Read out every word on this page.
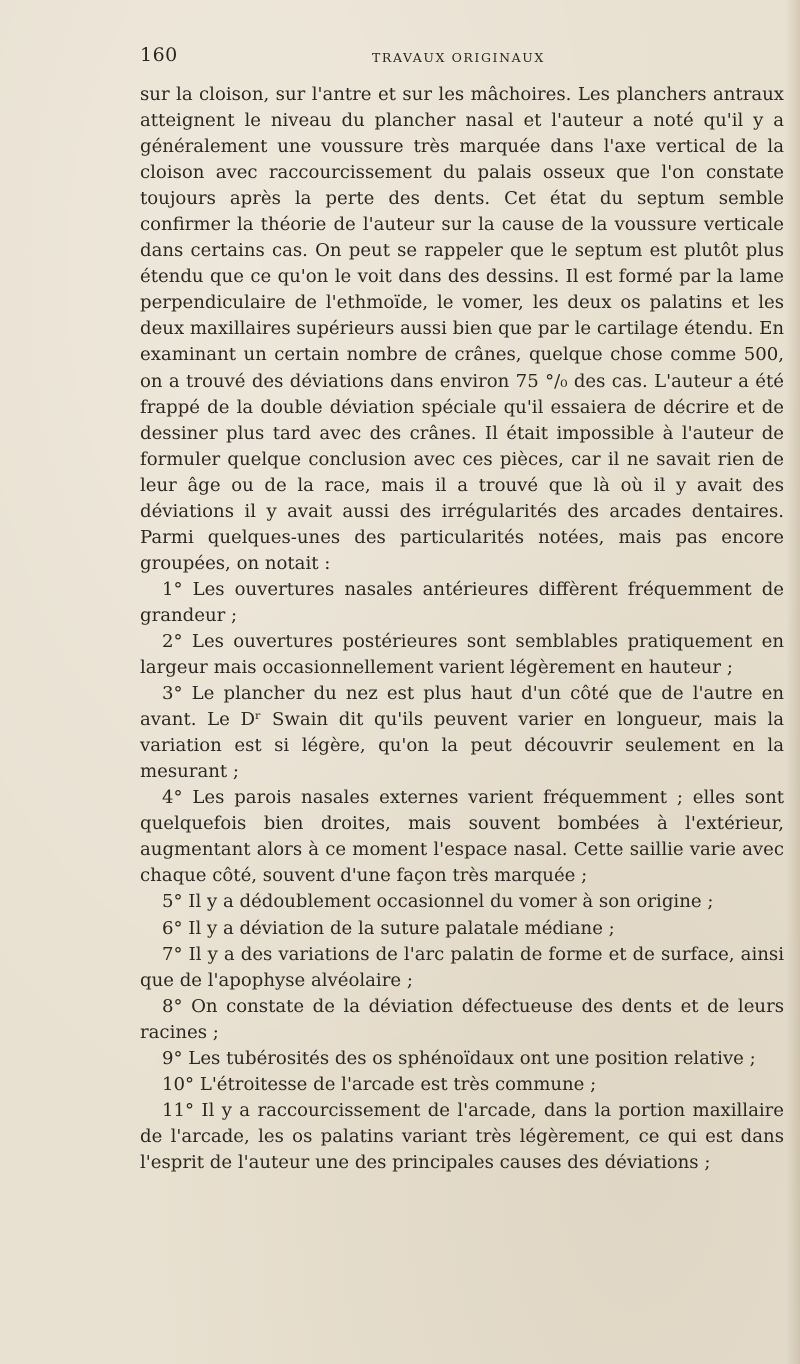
160	TRAVAUX ORIGINAUX

sur la cloison, sur l'antre et sur les mâchoires. Les planchers antraux atteignent le niveau du plancher nasal et l'auteur a noté qu'il y a généralement une voussure très marquée dans l'axe vertical de la cloison avec raccourcissement du palais osseux que l'on constate toujours après la perte des dents. Cet état du septum semble confirmer la théorie de l'auteur sur la cause de la voussure verticale dans certains cas. On peut se rappeler que le septum est plutôt plus étendu que ce qu'on le voit dans des dessins. Il est formé par la lame perpendiculaire de l'ethmoïde, le vomer, les deux os palatins et les deux maxillaires supérieurs aussi bien que par le cartilage étendu. En examinant un certain nombre de crânes, quelque chose comme 500, on a trouvé des déviations dans environ 75 °/₀ des cas. L'auteur a été frappé de la double déviation spéciale qu'il essaiera de décrire et de dessiner plus tard avec des crânes. Il était impossible à l'auteur de formuler quelque conclusion avec ces pièces, car il ne savait rien de leur âge ou de la race, mais il a trouvé que là où il y avait des déviations il y avait aussi des irrégularités des arcades dentaires. Parmi quelques-unes des particularités notées, mais pas encore groupées, on notait :

1° Les ouvertures nasales antérieures diffèrent fréquemment de grandeur ;

2° Les ouvertures postérieures sont semblables pratiquement en largeur mais occasionnellement varient légèrement en hauteur ;

3° Le plancher du nez est plus haut d'un côté que de l'autre en avant. Le Dʳ Swain dit qu'ils peuvent varier en longueur, mais la variation est si légère, qu'on la peut découvrir seulement en la mesurant ;

4° Les parois nasales externes varient fréquemment ; elles sont quelquefois bien droites, mais souvent bombées à l'extérieur, augmentant alors à ce moment l'espace nasal. Cette saillie varie avec chaque côté, souvent d'une façon très marquée ;

5° Il y a dédoublement occasionnel du vomer à son origine ;

6° Il y a déviation de la suture palatale médiane ;

7° Il y a des variations de l'arc palatin de forme et de surface, ainsi que de l'apophyse alvéolaire ;

8° On constate de la déviation défectueuse des dents et de leurs racines ;

9° Les tubérosités des os sphénoïdaux ont une position relative ;

10° L'étroitesse de l'arcade est très commune ;

11° Il y a raccourcissement de l'arcade, dans la portion maxillaire de l'arcade, les os palatins variant très légèrement, ce qui est dans l'esprit de l'auteur une des principales causes des déviations ;
